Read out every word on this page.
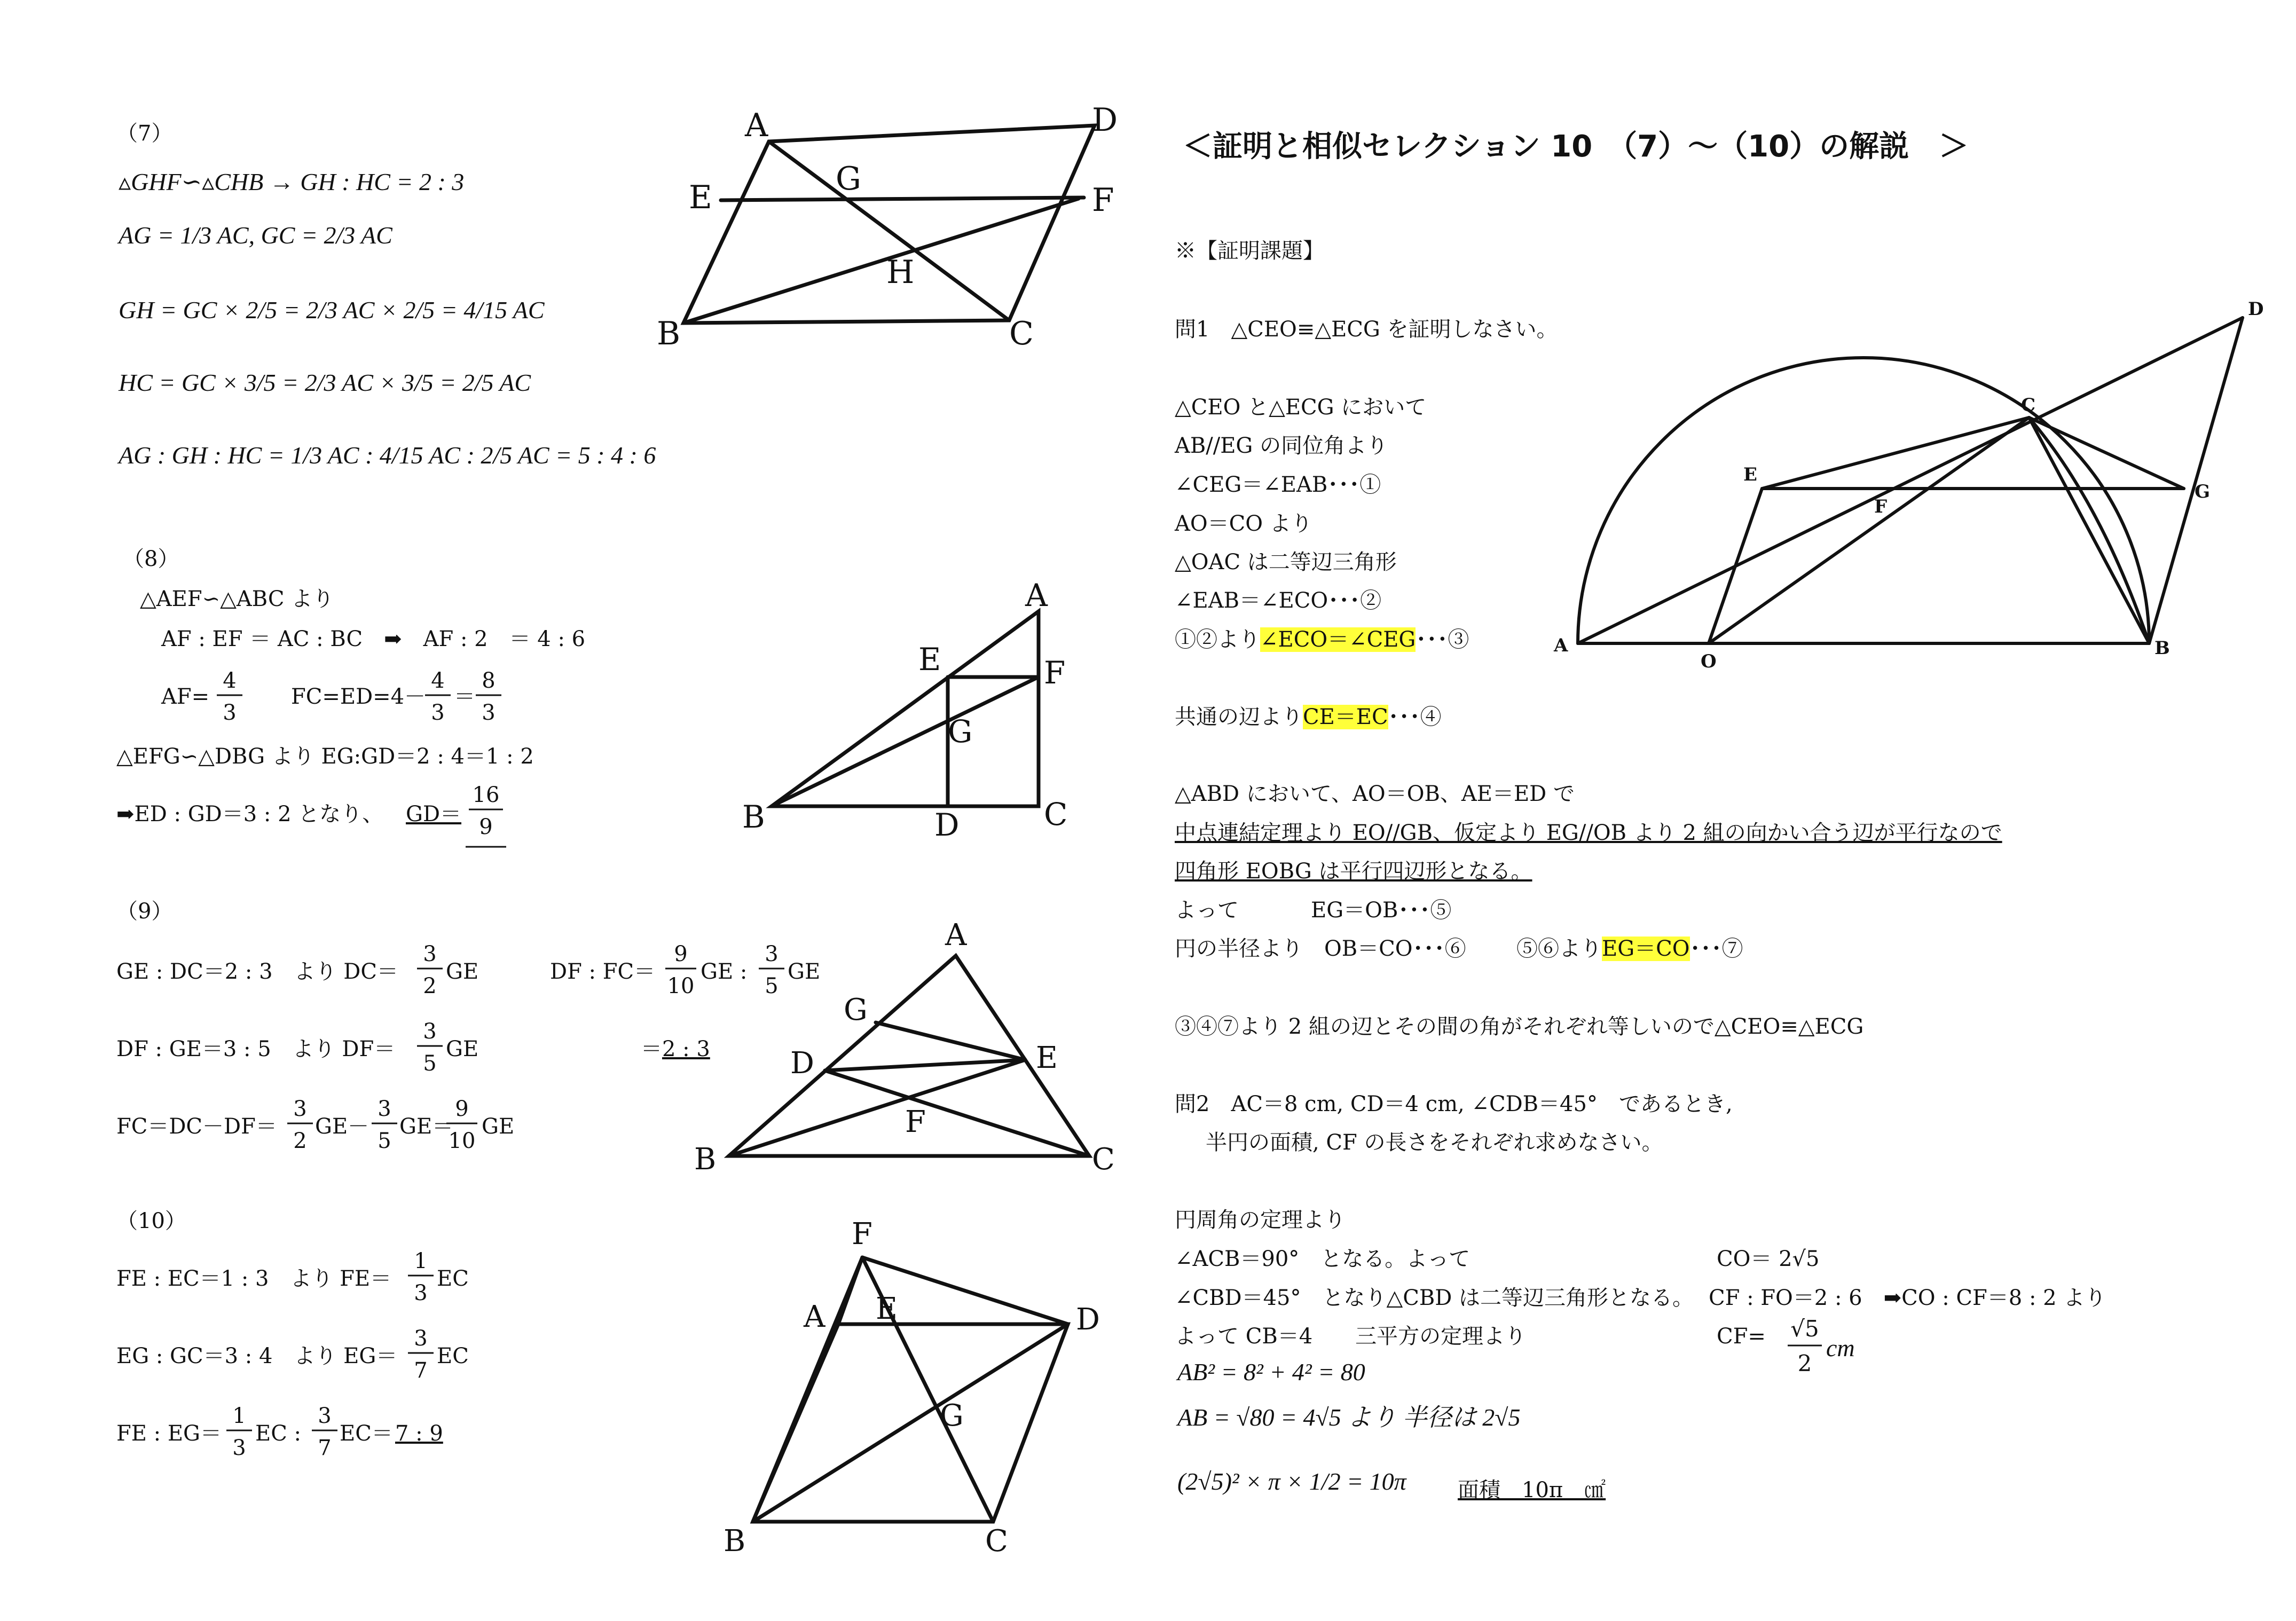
＜証明と相似セレクション 10　（7）～（10）の解説　＞
（7）
▵GHF∽▵CHB → GH : HC = 2 : 3
AG = 1/3 AC, GC = 2/3 AC
GH = GC × 2/5 = 2/3 AC × 2/5 = 4/15 AC
HC = GC × 3/5 = 2/3 AC × 3/5 = 2/5 AC
AG : GH : HC = 1/3 AC : 4/15 AC : 2/5 AC = 5 : 4 : 6
A	D
E	G
F
H
B	C
（8）
△AEF∽△ABC より
AF : EF ＝ AC : BC　➡　AF : 2　＝ 4 : 6
AF=
4
3
FC=ED=4－
4
3
＝
8
3
△EFG∽△DBG より EG:GD＝2 : 4＝1 : 2
➡ED : GD＝3 : 2 となり、 GD＝
16
9
A
E	F
G
B	D	C
（9）
GE : DC＝2 : 3　より DC＝
3
2
GE	DF : FC＝
9
10
GE :
3
5
GE
DF : GE＝3 : 5　より DF＝
3
5
GE	＝ 2 : 3
FC＝DC－DF＝
3
2
GE－
3
5
GE＝
9
10
GE
A
G
D	E
F
B	C
（10）
FE : EC＝1 : 3　より FE＝
1
3
EC
EG : GC＝3 : 4　より EG＝
3
7
EC
FE : EG＝
1
3
EC :
3
7
EC＝ 7 : 9
F
A E	D
G
B	C
※【証明課題】
問1　△CEO≡△ECG を証明しなさい。
△CEO と△ECG において
AB//EG の同位角より
∠CEG＝∠EAB･･･①
AO＝CO より
△OAC は二等辺三角形
∠EAB＝∠ECO･･･②
①②より∠ECO＝∠CEG･･･③
共通の辺よりCE＝EC･･･④
△ABD において、AO＝OB、AE＝ED で
中点連結定理より EO//GB、仮定より EG//OB より 2 組の向かい合う辺が平行なので
四角形 EOBG は平行四辺形となる。
よって	EG＝OB･･･⑤
円の半径より　OB＝CO･･･⑥ ⑤⑥よりEG＝CO･･･⑦
③④⑦より 2 組の辺とその間の角がそれぞれ等しいので△CEO≡△ECG
問2　AC＝8 cm, CD＝4 cm, ∠CDB＝45°　であるとき,
半円の面積, CF の長さをそれぞれ求めなさい。
円周角の定理より
∠ACB＝90°　となる。よって	CO＝ 2√5
∠CBD＝45°　となり△CBD は二等辺三角形となる。 CF : FO＝2 : 6　➡CO : CF＝8 : 2 より
よって CB＝4　　三平方の定理より	CF= √5
2
cm
AB² = 8² + 4² = 80
AB = √80 = 4√5 より 半径は 2√5
(2√5)² × π × 1/2 = 10π 面積　10π　㎠
D
C
E
G
F
A
O
B
